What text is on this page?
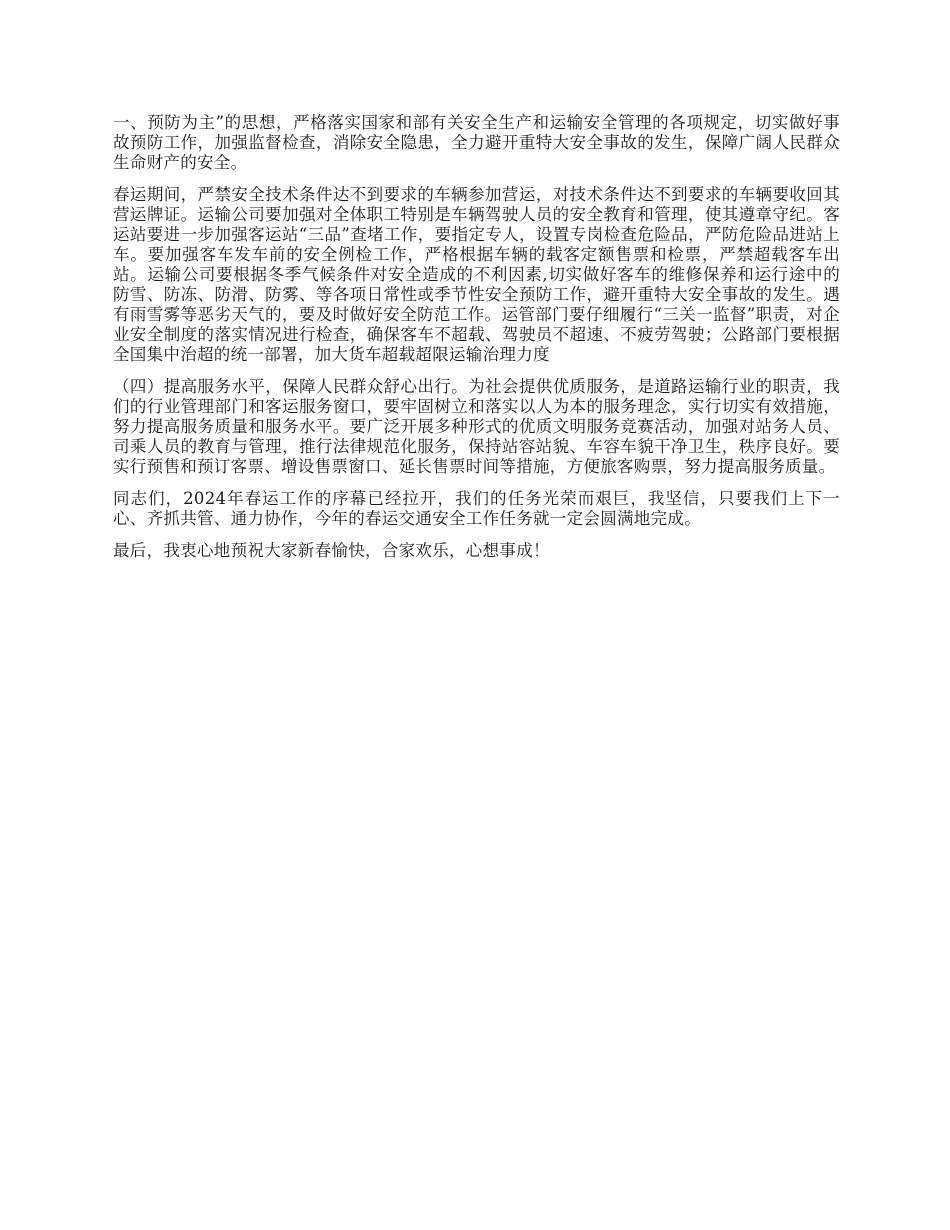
一、预防为主”的思想，严格落实国家和部有关安全生产和运输安全管理的各项规定，切实做好事故预防工作，加强监督检查，消除安全隐患，全力避开重特大安全事故的发生，保障广阔人民群众生命财产的安全。

春运期间，严禁安全技术条件达不到要求的车辆参加营运，对技术条件达不到要求的车辆要收回其营运牌证。运输公司要加强对全体职工特别是车辆驾驶人员的安全教育和管理，使其遵章守纪。客运站要进一步加强客运站“三品”查堵工作，要指定专人，设置专岗检查危险品，严防危险品进站上车。要加强客车发车前的安全例检工作，严格根据车辆的载客定额售票和检票，严禁超载客车出站。运输公司要根据冬季气候条件对安全造成的不利因素,切实做好客车的维修保养和运行途中的防雪、防冻、防滑、防雾、等各项日常性或季节性安全预防工作，避开重特大安全事故的发生。遇有雨雪雾等恶劣天气的，要及时做好安全防范工作。运管部门要仔细履行“三关一监督”职责，对企业安全制度的落实情况进行检查，确保客车不超载、驾驶员不超速、不疲劳驾驶；公路部门要根据全国集中治超的统一部署，加大货车超载超限运输治理力度

（四）提高服务水平，保障人民群众舒心出行。为社会提供优质服务，是道路运输行业的职责，我们的行业管理部门和客运服务窗口，要牢固树立和落实以人为本的服务理念，实行切实有效措施，努力提高服务质量和服务水平。要广泛开展多种形式的优质文明服务竞赛活动，加强对站务人员、司乘人员的教育与管理，推行法律规范化服务，保持站容站貌、车容车貌干净卫生，秩序良好。要实行预售和预订客票、增设售票窗口、延长售票时间等措施，方便旅客购票，努力提高服务质量。

同志们，2024年春运工作的序幕已经拉开，我们的任务光荣而艰巨，我坚信，只要我们上下一心、齐抓共管、通力协作，今年的春运交通安全工作任务就一定会圆满地完成。

最后，我衷心地预祝大家新春愉快，合家欢乐，心想事成！
